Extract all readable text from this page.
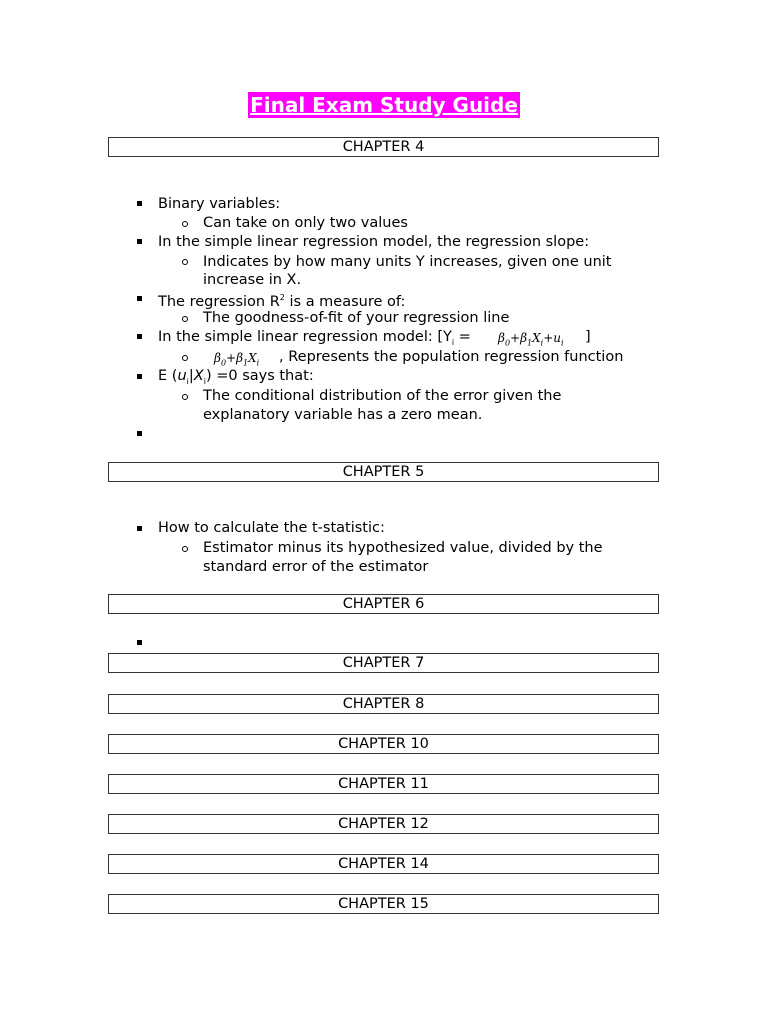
Final Exam Study Guide
CHAPTER 4
Binary variables:
Can take on only two values
In the simple linear regression model, the regression slope:
Indicates by how many units Y increases, given one unit
increase in X.
The regression $R^2$ is a measure of:
The goodness-of-fit of your regression line
In the simple linear regression model: [$Y_i = \beta_0+\beta_1X_i+u_i$ ]
$\beta_0+\beta_1X_i$ , Represents the population regression function
E $(u_i|X_i) =0$ says that:
The conditional distribution of the error given the
explanatory variable has a zero mean.
CHAPTER 5
How to calculate the t-statistic:
Estimator minus its hypothesized value, divided by the
standard error of the estimator
CHAPTER 6
CHAPTER 7
CHAPTER 8
CHAPTER 10
CHAPTER 11
CHAPTER 12
CHAPTER 14
CHAPTER 15
